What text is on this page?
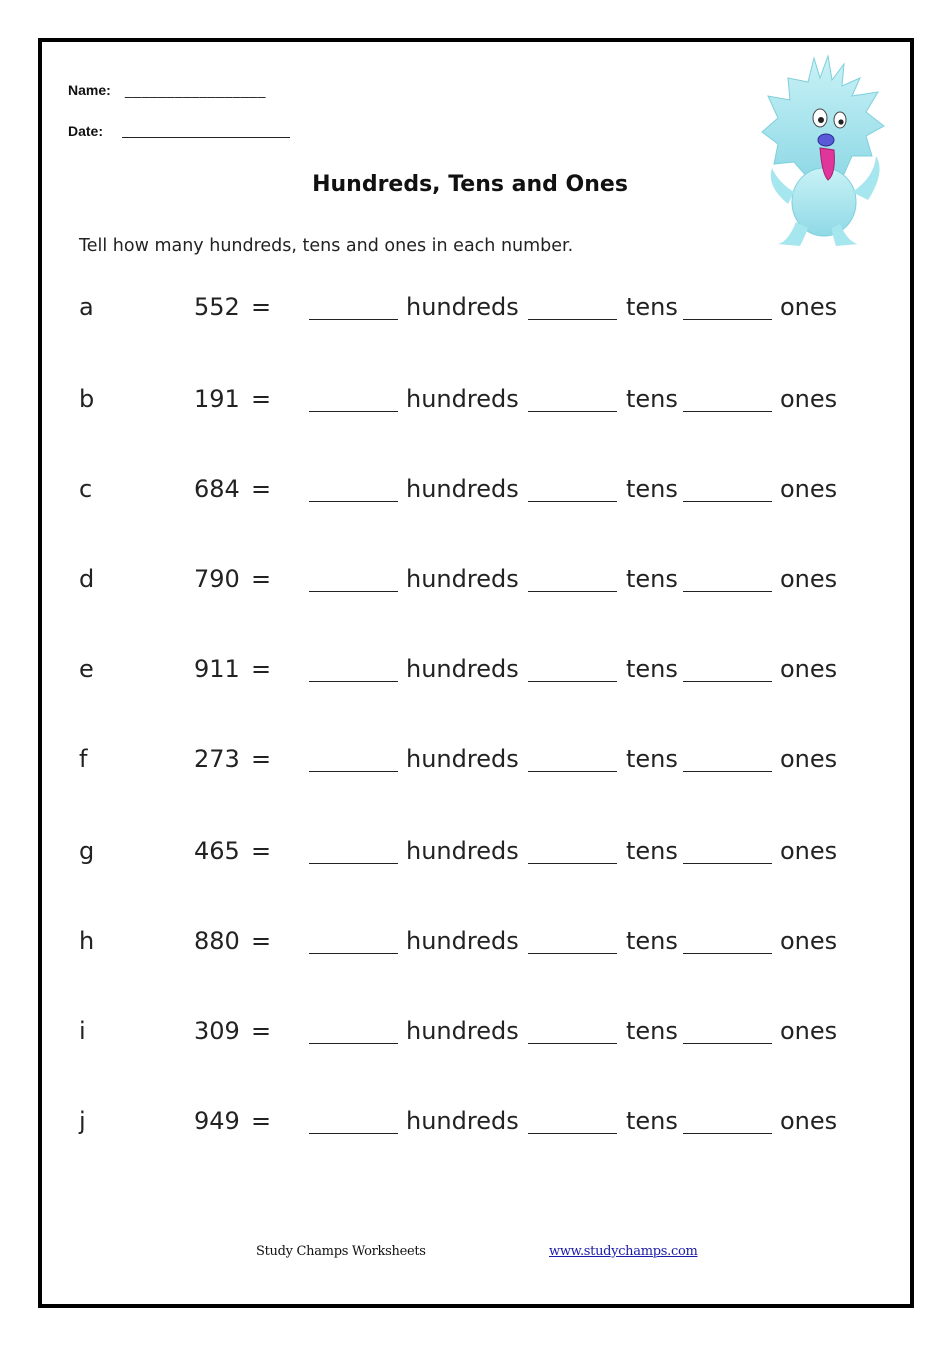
Name: _________________
Date:
Hundreds, Tens and Ones
Tell how many hundreds, tens and ones in each number.
a	552 =	hundreds	tens	ones
b	191 =	hundreds	tens	ones
c	684 =	hundreds	tens	ones
d	790 =	hundreds	tens	ones
e	911 =	hundreds	tens	ones
f	273 =	hundreds	tens	ones
g	465 =	hundreds	tens	ones
h	880 =	hundreds	tens	ones
i	309 =	hundreds	tens	ones
j	949 =	hundreds	tens	ones
Study Champs Worksheets	www.studychamps.com
